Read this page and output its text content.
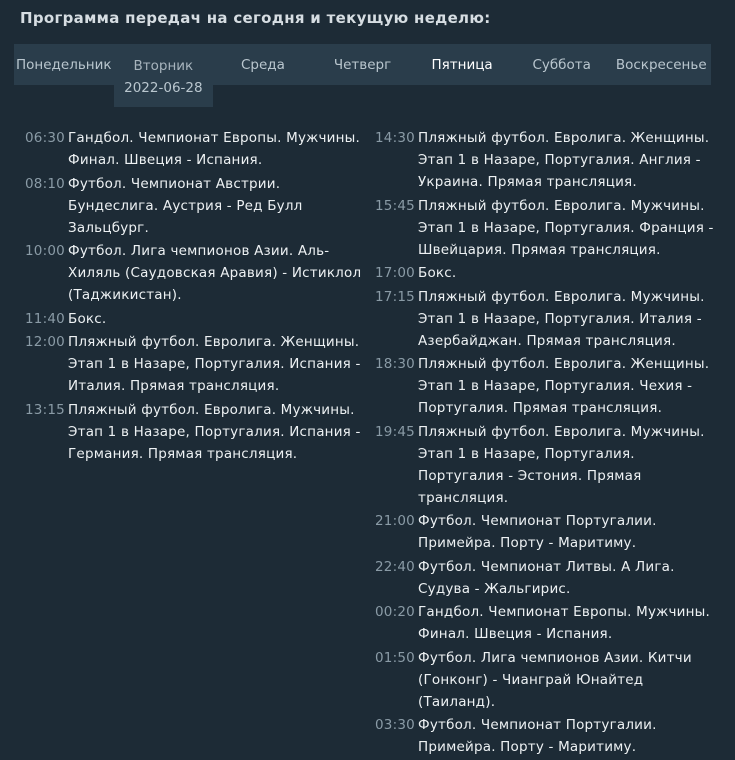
Программа передач на сегодня и текущую неделю:
Понедельник	Вторник
2022-06-28
Среда	Четверг	Пятница	Суббота	Воскресенье
06:30 Гандбол. Чемпионат Европы. Мужчины. Финал. Швеция - Испания.
08:10 Футбол. Чемпионат Австрии. Бундеслига. Аустрия - Ред Булл Зальцбург.
10:00 Футбол. Лига чемпионов Азии. Аль-Хиляль (Саудовская Аравия) - Истиклол (Таджикистан).
11:40 Бокс.
12:00 Пляжный футбол. Евролига. Женщины. Этап 1 в Назаре, Португалия. Испания - Италия. Прямая трансляция.
13:15 Пляжный футбол. Евролига. Мужчины. Этап 1 в Назаре, Португалия. Испания - Германия. Прямая трансляция.
14:30 Пляжный футбол. Евролига. Женщины. Этап 1 в Назаре, Португалия. Англия - Украина. Прямая трансляция.
15:45 Пляжный футбол. Евролига. Мужчины. Этап 1 в Назаре, Португалия. Франция - Швейцария. Прямая трансляция.
17:00 Бокс.
17:15 Пляжный футбол. Евролига. Мужчины. Этап 1 в Назаре, Португалия. Италия - Азербайджан. Прямая трансляция.
18:30 Пляжный футбол. Евролига. Женщины. Этап 1 в Назаре, Португалия. Чехия - Португалия. Прямая трансляция.
19:45 Пляжный футбол. Евролига. Мужчины. Этап 1 в Назаре, Португалия. Португалия - Эстония. Прямая трансляция.
21:00 Футбол. Чемпионат Португалии. Примейра. Порту - Маритиму.
22:40 Футбол. Чемпионат Литвы. А Лига. Судува - Жальгирис.
00:20 Гандбол. Чемпионат Европы. Мужчины. Финал. Швеция - Испания.
01:50 Футбол. Лига чемпионов Азии. Китчи (Гонконг) - Чианграй Юнайтед (Таиланд).
03:30 Футбол. Чемпионат Португалии. Примейра. Порту - Маритиму.
